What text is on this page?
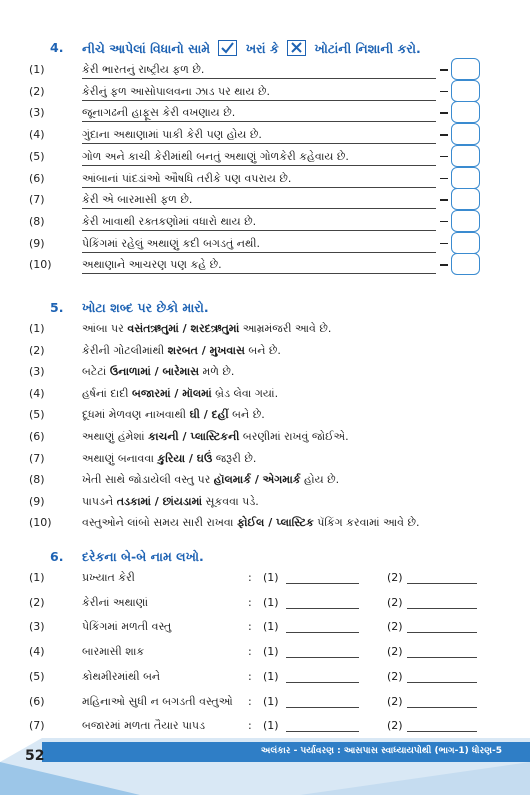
4. નીચે આપેલાં વિધાનો સામે	ખરાં કે ☒ ખોટાંની નિશાની કરો.
(1)	કેરી ભારતનું રાષ્ટ્રીય ફળ છે.
(2)	કેરીનું ફળ આસોપાલવના ઝાડ પર થાય છે.
(3)	જૂનાગઢની હાફૂસ કેરી વખણાય છે.
(4)	ગુંદાના અથાણામાં પાકી કેરી પણ હોય છે.
(5)	ગોળ અને કાચી કેરીમાંથી બનતું અથાણું ગોળકેરી કહેવાય છે.
(6)	આંબાનાં પાંદડાંઓ ઔષધિ તરીકે પણ વપરાય છે.
(7)	કેરી એ બારમાસી ફળ છે.
(8)	કેરી ખાવાથી રક્તકણોમાં વધારો થાય છે.
(9)	પેકિંગમાં રહેલું અથાણું કદી બગડતું નથી.
(10)	અથાણાને આચરણ પણ કહે છે.
5. ખોટા શબ્દ પર છેકો મારો.
(1)	આંબા પર વસંતઋતુમાં / શરદઋતુમાં આમ્રમંજરી આવે છે.
(2)	કેરીની ગોટલીમાંથી શરબત / મુખવાસ બને છે.
(3)	બટેટાં ઉનાળામાં / બારેમાસ મળે છે.
(4)	હર્ષનાં દાદી બજારમાં / મૉલમાં બ્રેડ લેવા ગયાં.
(5)	દૂધમાં મેળવણ નાખવાથી ઘી / દહીં બને છે.
(6)	અથાણું હંમેશાં કાચની / પ્લાસ્ટિકની બરણીમાં રાખવું જોઈએ.
(7)	અથાણું બનાવવા કુરિયા / ઘઉં જરૂરી છે.
(8)	ખેતી સાથે જોડાયેલી વસ્તુ પર હૉલમાર્ક / એગમાર્ક હોય છે.
(9)	પાપડને તડકામાં / છાંયડામાં સૂકવવા પડે.
(10)	વસ્તુઓને લાંબો સમય સારી રાખવા ફોઈલ / પ્લાસ્ટિક પૅકિંગ કરવામાં આવે છે.
6. દરેકના બે-બે નામ લખો.
(1)	પ્રખ્યાત કેરી	: (1)	(2)
(2)	કેરીનાં અથાણાં	: (1)	(2)
(3)	પેકિંગમાં મળતી વસ્તુ	: (1)	(2)
(4)	બારમાસી શાક	: (1)	(2)
(5)	કોથમીરમાંથી બને	: (1)	(2)
(6)	મહિનાઓ સુધી ન બગડતી વસ્તુઓ : (1)	(2)
(7)	બજારમાં મળતા તૈયાર પાપડ	: (1)	(2)
52	અલંકાર - પર્યાવરણ : આસપાસ સ્વાધ્યાયપોથી (ભાગ-1) ધોરણ-5
